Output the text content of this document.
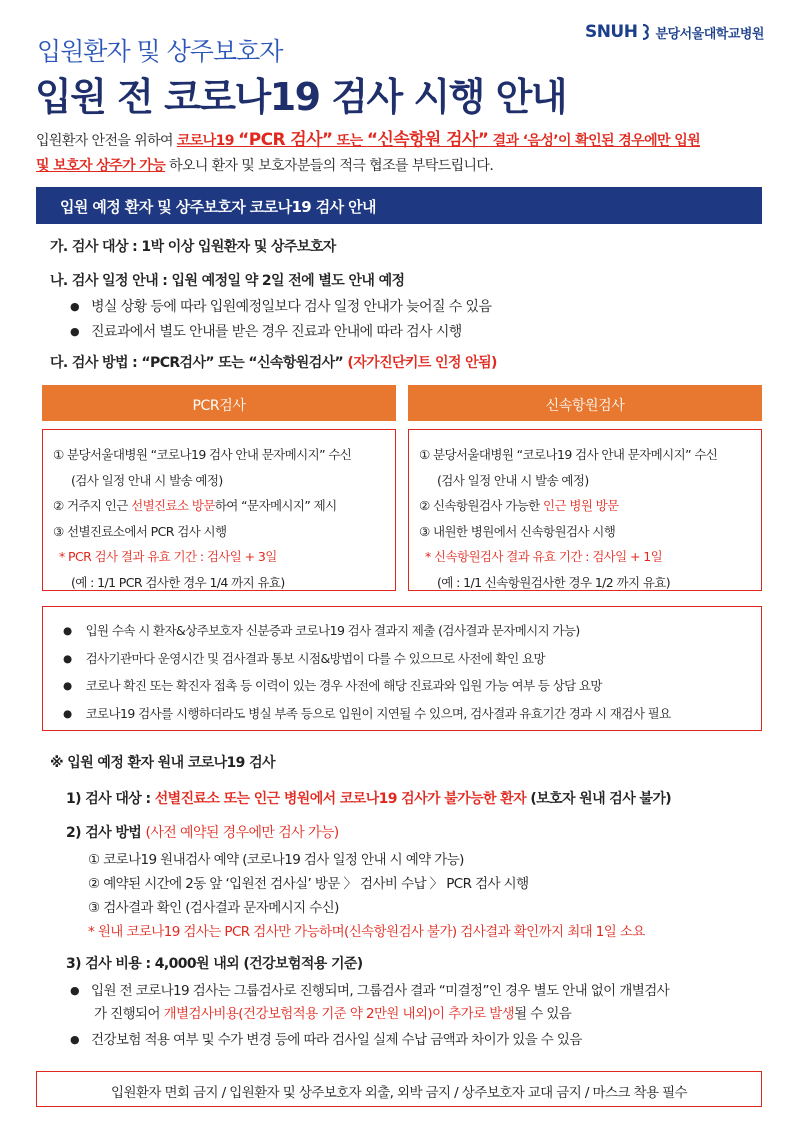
SNUH 분당서울대학교병원
입원환자 및 상주보호자
입원 전 코로나19 검사 시행 안내
입원환자 안전을 위하여 코로나19 “PCR 검사” 또는 “신속항원 검사” 결과 ‘음성’이 확인된 경우에만 입원
및 보호자 상주가 가능 하오니 환자 및 보호자분들의 적극 협조를 부탁드립니다.
입원 예정 환자 및 상주보호자 코로나19 검사 안내
가. 검사 대상 : 1박 이상 입원환자 및 상주보호자
나. 검사 일정 안내 : 입원 예정일 약 2일 전에 별도 안내 예정
● 병실 상황 등에 따라 입원예정일보다 검사 일정 안내가 늦어질 수 있음
● 진료과에서 별도 안내를 받은 경우 진료과 안내에 따라 검사 시행
다. 검사 방법 : “PCR검사” 또는 “신속항원검사” (자가진단키트 인정 안됨)
PCR검사
① 분당서울대병원 “코로나19 검사 안내 문자메시지” 수신
(검사 일정 안내 시 발송 예정)
② 거주지 인근 선별진료소 방문하여 “문자메시지” 제시
③ 선별진료소에서 PCR 검사 시행
* PCR 검사 결과 유효 기간 : 검사일 + 3일
(예 : 1/1 PCR 검사한 경우 1/4 까지 유효)
신속항원검사
① 분당서울대병원 “코로나19 검사 안내 문자메시지” 수신
(검사 일정 안내 시 발송 예정)
② 신속항원검사 가능한 인근 병원 방문
③ 내원한 병원에서 신속항원검사 시행
* 신속항원검사 결과 유효 기간 : 검사일 + 1일
(예 : 1/1 신속항원검사한 경우 1/2 까지 유효)
● 입원 수속 시 환자&상주보호자 신분증과 코로나19 검사 결과지 제출 (검사결과 문자메시지 가능)
● 검사기관마다 운영시간 및 검사결과 통보 시점&방법이 다를 수 있으므로 사전에 확인 요망
● 코로나 확진 또는 확진자 접촉 등 이력이 있는 경우 사전에 해당 진료과와 입원 가능 여부 등 상담 요망
● 코로나19 검사를 시행하더라도 병실 부족 등으로 입원이 지연될 수 있으며, 검사결과 유효기간 경과 시 재검사 필요
※ 입원 예정 환자 원내 코로나19 검사
1) 검사 대상 : 선별진료소 또는 인근 병원에서 코로나19 검사가 불가능한 환자 (보호자 원내 검사 불가)
2) 검사 방법 (사전 예약된 경우에만 검사 가능)
① 코로나19 원내검사 예약 (코로나19 검사 일정 안내 시 예약 가능)
② 예약된 시간에 2동 앞 ‘입원전 검사실’ 방문 〉 검사비 수납 〉 PCR 검사 시행
③ 검사결과 확인 (검사결과 문자메시지 수신)
* 원내 코로나19 검사는 PCR 검사만 가능하며(신속항원검사 불가) 검사결과 확인까지 최대 1일 소요
3) 검사 비용 : 4,000원 내외 (건강보험적용 기준)
● 입원 전 코로나19 검사는 그룹검사로 진행되며, 그룹검사 결과 “미결정”인 경우 별도 안내 없이 개별검사
가 진행되어 개별검사비용(건강보험적용 기준 약 2만원 내외)이 추가로 발생될 수 있음
● 건강보험 적용 여부 및 수가 변경 등에 따라 검사일 실제 수납 금액과 차이가 있을 수 있음
입원환자 면회 금지 / 입원환자 및 상주보호자 외출, 외박 금지 / 상주보호자 교대 금지 / 마스크 착용 필수
